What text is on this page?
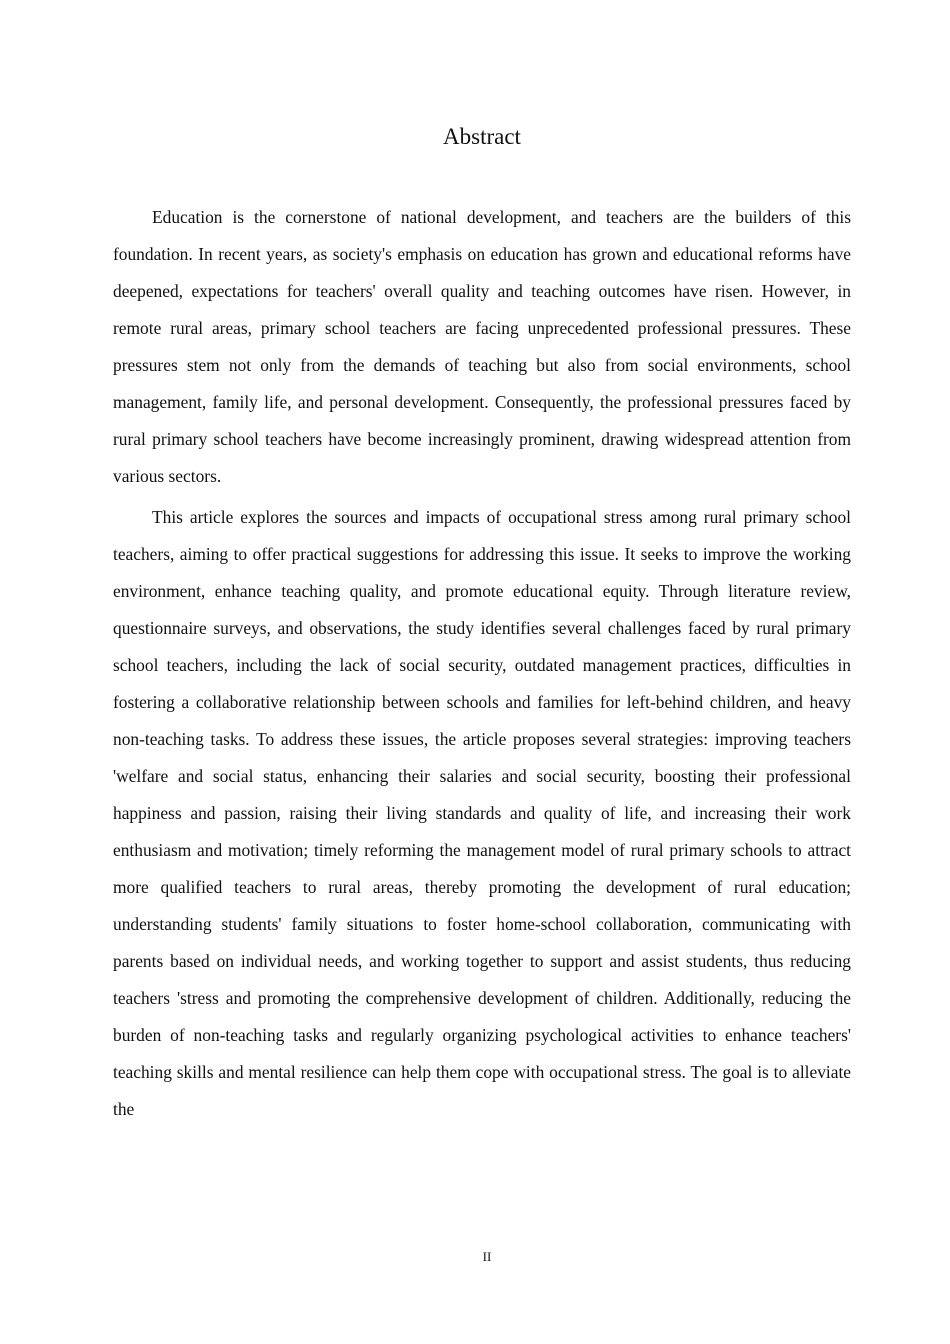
Abstract

Education is the cornerstone of national development, and teachers are the builders of this foundation. In recent years, as society's emphasis on education has grown and educational reforms have deepened, expectations for teachers' overall quality and teaching outcomes have risen. However, in remote rural areas, primary school teachers are facing unprecedented professional pressures. These pressures stem not only from the demands of teaching but also from social environments, school management, family life, and personal development. Consequently, the professional pressures faced by rural primary school teachers have become increasingly prominent, drawing widespread attention from various sectors.

This article explores the sources and impacts of occupational stress among rural primary school teachers, aiming to offer practical suggestions for addressing this issue. It seeks to improve the working environment, enhance teaching quality, and promote educational equity. Through literature review, questionnaire surveys, and observations, the study identifies several challenges faced by rural primary school teachers, including the lack of social security, outdated management practices, difficulties in fostering a collaborative relationship between schools and families for left-behind children, and heavy non-teaching tasks. To address these issues, the article proposes several strategies: improving teachers 'welfare and social status, enhancing their salaries and social security, boosting their professional happiness and passion, raising their living standards and quality of life, and increasing their work enthusiasm and motivation; timely reforming the management model of rural primary schools to attract more qualified teachers to rural areas, thereby promoting the development of rural education; understanding students' family situations to foster home-school collaboration, communicating with parents based on individual needs, and working together to support and assist students, thus reducing teachers 'stress and promoting the comprehensive development of children. Additionally, reducing the burden of non-teaching tasks and regularly organizing psychological activities to enhance teachers' teaching skills and mental resilience can help them cope with occupational stress. The goal is to alleviate the

II
